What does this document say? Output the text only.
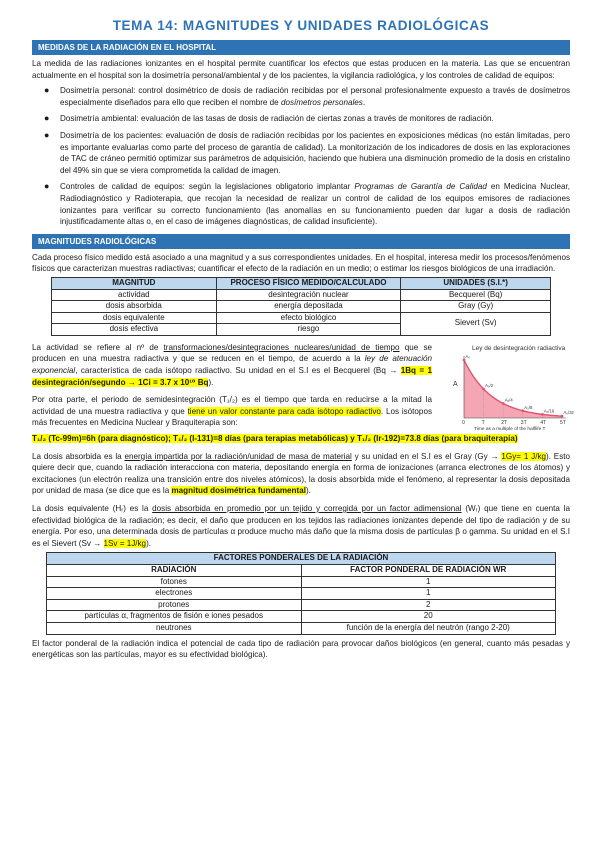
TEMA 14: MAGNITUDES Y UNIDADES RADIOLÓGICAS
MEDIDAS DE LA RADIACIÓN EN EL HOSPITAL

La medida de las radiaciones ionizantes en el hospital permite cuantificar los efectos que estas producen en la materia. Las que se encuentran actualmente en el hospital son la dosimetría personal/ambiental y de los pacientes, la vigilancia radiológica, y los controles de calidad de equipos:

● Dosimetría personal: control dosimétrico de dosis de radiación recibidas por el personal profesionalmente expuesto a través de dosímetros especialmente diseñados para ello que reciben el nombre de dosímetros personales.
● Dosimetría ambiental: evaluación de las tasas de dosis de radiación de ciertas zonas a través de monitores de radiación.
● Dosimetría de los pacientes: evaluación de dosis de radiación recibidas por los pacientes en exposiciones médicas (no están limitadas, pero es importante evaluarlas como parte del proceso de garantía de calidad). La monitorización de los indicadores de dosis en las exploraciones de TAC de cráneo permitió optimizar sus parámetros de adquisición, haciendo que hubiera una disminución promedio de la dosis en cristalino del 49% sin que se viera comprometida la calidad de imagen.
● Controles de calidad de equipos: según la legislaciones obligatorio implantar Programas de Garantía de Calidad en Medicina Nuclear, Radiodiagnóstico y Radioterapia, que recojan la necesidad de realizar un control de calidad de los equipos emisores de radiaciones ionizantes para verificar su correcto funcionamiento (las anomalías en su funcionamiento pueden dar lugar a dosis de radiación injustificadamente altas o, en el caso de imágenes diagnósticas, de calidad insuficiente).
MAGNITUDES RADIOLÓGICAS

Cada proceso físico medido está asociado a una magnitud y a sus correspondientes unidades. En el hospital, interesa medir los procesos/fenómenos físicos que caracterizan muestras radiactivas; cuantificar el efecto de la radiación en un medio; o estimar los riesgos biológicos de una irradiación.

MAGNITUD	PROCESO FÍSICO MEDIDO/CALCULADO	UNIDADES (S.I.*)
actividad	desintegración nuclear	Becquerel (Bq)
dosis absorbida	energía depositada	Gray (Gy)
dosis equivalente	efecto biológico	Sievert (Sv)
dosis efectiva	riesgo	
Ley de desintegración radiactiva
A
0	T	2T	3T	4T	5T
A₀
A₀/2
A₀/4
A₀/8
A₀/16 A₀/32
Time as a multiple of the halflife T

La actividad se refiere al nº de transformaciones/desintegraciones nucleares/unidad de tiempo que se producen en una muestra radiactiva y que se reducen en el tiempo, de acuerdo a la ley de atenuación exponencial, característica de cada isótopo radiactivo. Su unidad en el S.I es el Becquerel (Bq → 1Bq = 1 desintegración/segundo → 1Ci = 3.7 x 10¹⁰ Bq).

Por otra parte, el periodo de semidesintegración (T₁/₂) es el tiempo que tarda en reducirse a la mitad la actividad de una muestra radiactiva y que tiene un valor constante para cada isótopo radiactivo. Los isótopos más frecuentes en Medicina Nuclear y Braquiterapia son:

T₁/₂ (Tc-99m)=6h (para diagnóstico); T₁/₂ (I-131)=8 días (para terapias metabólicas) y T₁/₂ (Ir-192)=73.8 días (para braquiterapia)

La dosis absorbida es la energía impartida por la radiación/unidad de masa de material y su unidad en el S.I es el Gray (Gy → 1Gy= 1 J/kg). Esto quiere decir que, cuando la radiación interacciona con materia, depositando energía en forma de ionizaciones (arranca electrones de los átomos) y excitaciones (un electrón realiza una transición entre dos niveles atómicos), la dosis absorbida mide el fenómeno, al representar la dosis depositada por unidad de masa (se dice que es la magnitud dosimétrica fundamental).

La dosis equivalente (Hᵣ) es la dosis absorbida en promedio por un tejido y corregida por un factor adimensional (Wᵣ) que tiene en cuenta la efectividad biológica de la radiación; es decir, el daño que producen en los tejidos las radiaciones ionizantes depende del tipo de radiación y de su energía. Por eso, una determinada dosis de partículas α produce mucho más daño que la misma dosis de partículas β o gamma. Su unidad en el S.I es el Sievert (Sv → 1Sv = 1J/kg).

FACTORES PONDERALES DE LA RADIACIÓN	
RADIACIÓN	FACTOR PONDERAL DE RADIACIÓN WR
fotones	1
electrones	1
protones	2
partículas α, fragmentos de fisión e iones pesados	20
neutrones	función de la energía del neutrón (rango 2-20)

El factor ponderal de la radiación indica el potencial de cada tipo de radiación para provocar daños biológicos (en general, cuanto más pesadas y energéticas son las partículas, mayor es su efectividad biológica).
